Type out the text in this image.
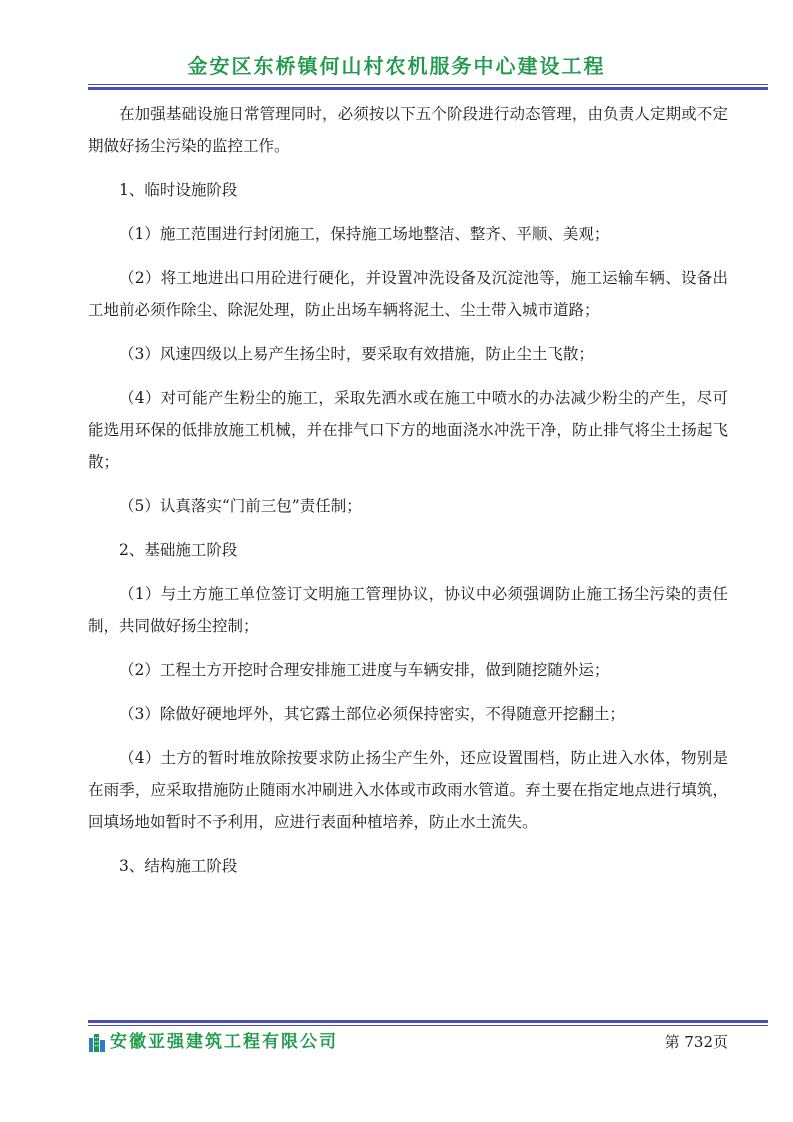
金安区东桥镇何山村农机服务中心建设工程

在加强基础设施日常管理同时，必须按以下五个阶段进行动态管理，由负责人定期或不定期做好扬尘污染的监控工作。

1、临时设施阶段

（1）施工范围进行封闭施工，保持施工场地整洁、整齐、平顺、美观；

（2）将工地进出口用砼进行硬化，并设置冲洗设备及沉淀池等，施工运输车辆、设备出工地前必须作除尘、除泥处理，防止出场车辆将泥土、尘土带入城市道路；

（3）风速四级以上易产生扬尘时，要采取有效措施，防止尘土飞散；

（4）对可能产生粉尘的施工，采取先洒水或在施工中喷水的办法减少粉尘的产生，尽可能选用环保的低排放施工机械，并在排气口下方的地面浇水冲洗干净，防止排气将尘土扬起飞散；

（5）认真落实“门前三包”责任制；

2、基础施工阶段

（1）与土方施工单位签订文明施工管理协议，协议中必须强调防止施工扬尘污染的责任制，共同做好扬尘控制；

（2）工程土方开挖时合理安排施工进度与车辆安排，做到随挖随外运；

（3）除做好硬地坪外，其它露土部位必须保持密实，不得随意开挖翻土；

（4）土方的暂时堆放除按要求防止扬尘产生外，还应设置围档，防止进入水体，物别是在雨季，应采取措施防止随雨水冲刷进入水体或市政雨水管道。弃土要在指定地点进行填筑，回填场地如暂时不予利用，应进行表面种植培养，防止水土流失。

3、结构施工阶段

安徽亚强建筑工程有限公司	第 732页
